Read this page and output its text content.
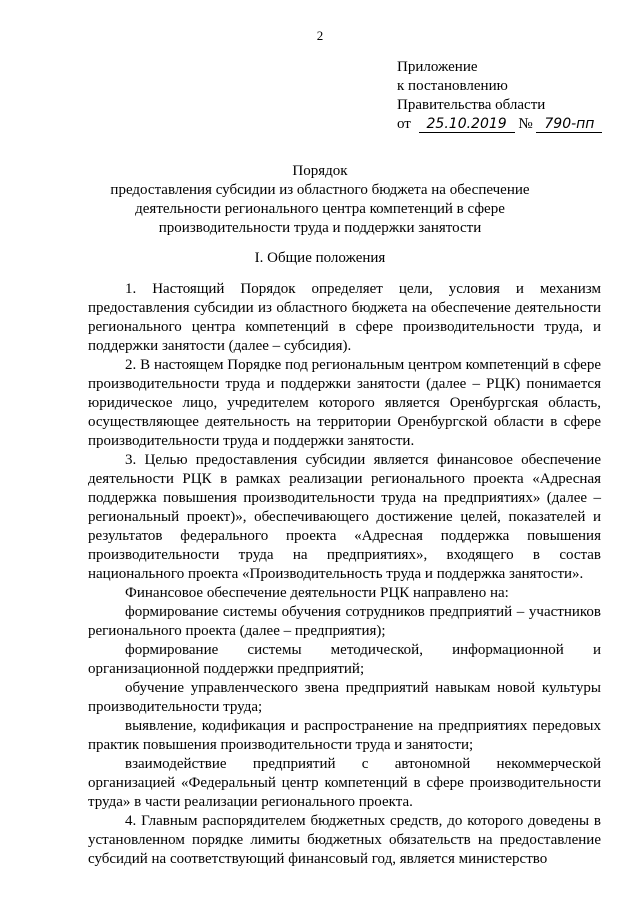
2
Приложение
к постановлению
Правительства области
от 25.10.2019 № 790-пп
Порядок
предоставления субсидии из областного бюджета на обеспечение
деятельности регионального центра компетенций в сфере
производительности труда и поддержки занятости
I. Общие положения

1. Настоящий Порядок определяет цели, условия и механизм предоставления субсидии из областного бюджета на обеспечение деятельности регионального центра компетенций в сфере производительности труда, и поддержки занятости (далее – субсидия).

2. В настоящем Порядке под региональным центром компетенций в сфере производительности труда и поддержки занятости (далее – РЦК) понимается юридическое лицо, учредителем которого является Оренбургская область, осуществляющее деятельность на территории Оренбургской области в сфере производительности труда и поддержки занятости.

3. Целью предоставления субсидии является финансовое обеспечение деятельности РЦК в рамках реализации регионального проекта «Адресная поддержка повышения производительности труда на предприятиях» (далее – региональный проект)», обеспечивающего достижение целей, показателей и результатов федерального проекта «Адресная поддержка повышения производительности труда на предприятиях», входящего в состав национального проекта «Производительность труда и поддержка занятости».

Финансовое обеспечение деятельности РЦК направлено на:

формирование системы обучения сотрудников предприятий – участников регионального проекта (далее – предприятия);

формирование системы методической, информационной и организационной поддержки предприятий;

обучение управленческого звена предприятий навыкам новой культуры производительности труда;

выявление, кодификация и распространение на предприятиях передовых практик повышения производительности труда и занятости;

взаимодействие предприятий с автономной некоммерческой организацией «Федеральный центр компетенций в сфере производительности труда» в части реализации регионального проекта.

4. Главным распорядителем бюджетных средств, до которого доведены в установленном порядке лимиты бюджетных обязательств на предоставление субсидий на соответствующий финансовый год, является министерство
